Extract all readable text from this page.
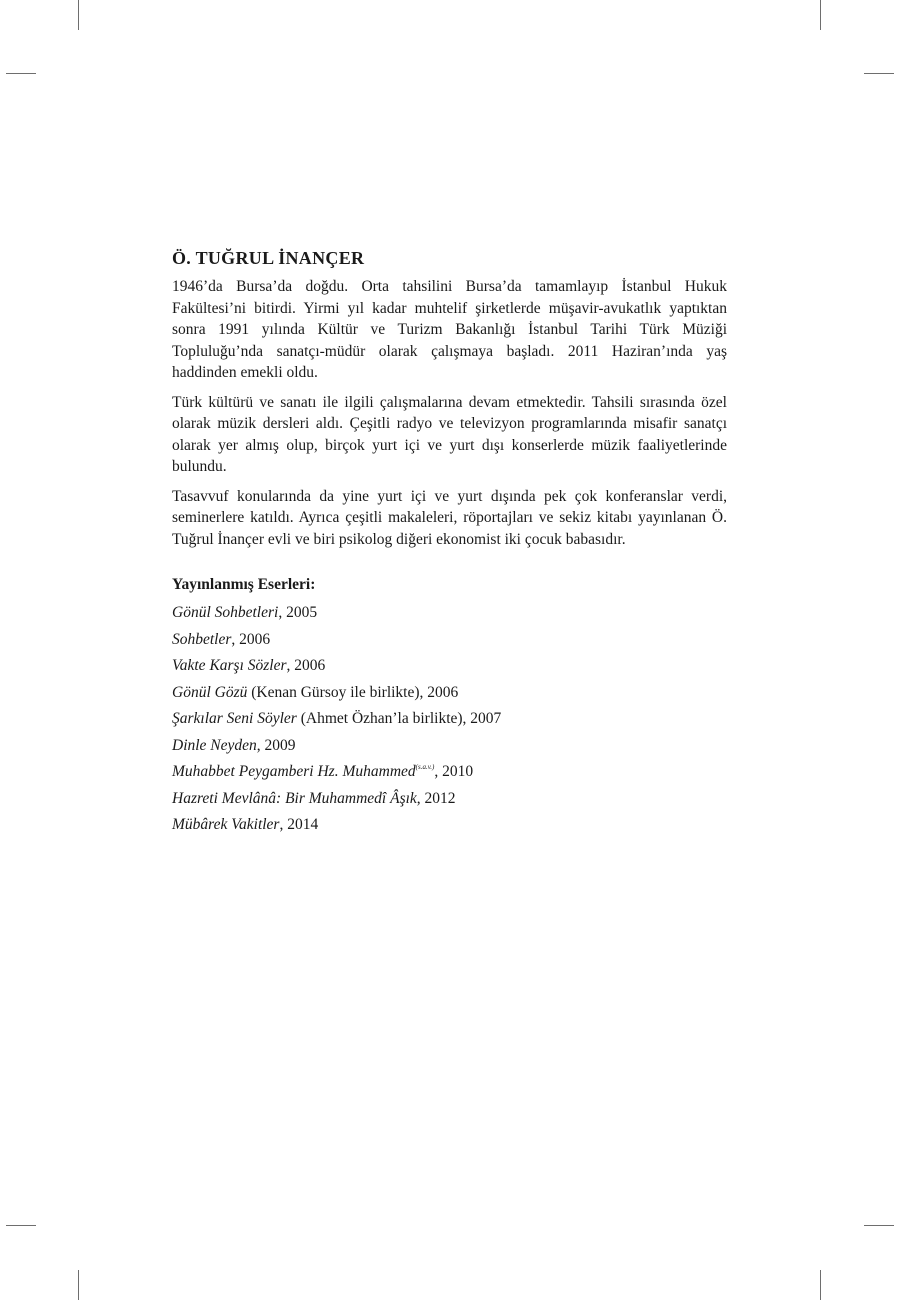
Ö. TUĞRUL İNANÇER

1946’da Bursa’da doğdu. Orta tahsilini Bursa’da tamamlayıp İstanbul Hukuk Fakültesi’ni bitirdi. Yirmi yıl kadar muhtelif şirketlerde müşavir-avukatlık yaptıktan sonra 1991 yılında Kültür ve Turizm Bakanlığı İstanbul Tarihi Türk Müziği Topluluğu’nda sanatçı-müdür olarak çalışmaya başladı. 2011 Haziran’ında yaş haddinden emekli oldu.

Türk kültürü ve sanatı ile ilgili çalışmalarına devam etmektedir. Tahsili sırasında özel olarak müzik dersleri aldı. Çeşitli radyo ve televizyon programlarında misafir sanatçı olarak yer almış olup, birçok yurt içi ve yurt dışı konserlerde müzik faaliyetlerinde bulundu.

Tasavvuf konularında da yine yurt içi ve yurt dışında pek çok konferanslar verdi, seminerlere katıldı. Ayrıca çeşitli makaleleri, röportajları ve sekiz kitabı yayınlanan Ö. Tuğrul İnançer evli ve biri psikolog diğeri ekonomist iki çocuk babasıdır.

Yayınlanmış Eserleri:
Gönül Sohbetleri, 2005
Sohbetler, 2006
Vakte Karşı Sözler, 2006
Gönül Gözü (Kenan Gürsoy ile birlikte), 2006
Şarkılar Seni Söyler (Ahmet Özhan’la birlikte), 2007
Dinle Neyden, 2009
Muhabbet Peygamberi Hz. Muhammed$^{(s.a.v.)}$, 2010
Hazreti Mevlânâ: Bir Muhammedî Âşık, 2012
Mübârek Vakitler, 2014
